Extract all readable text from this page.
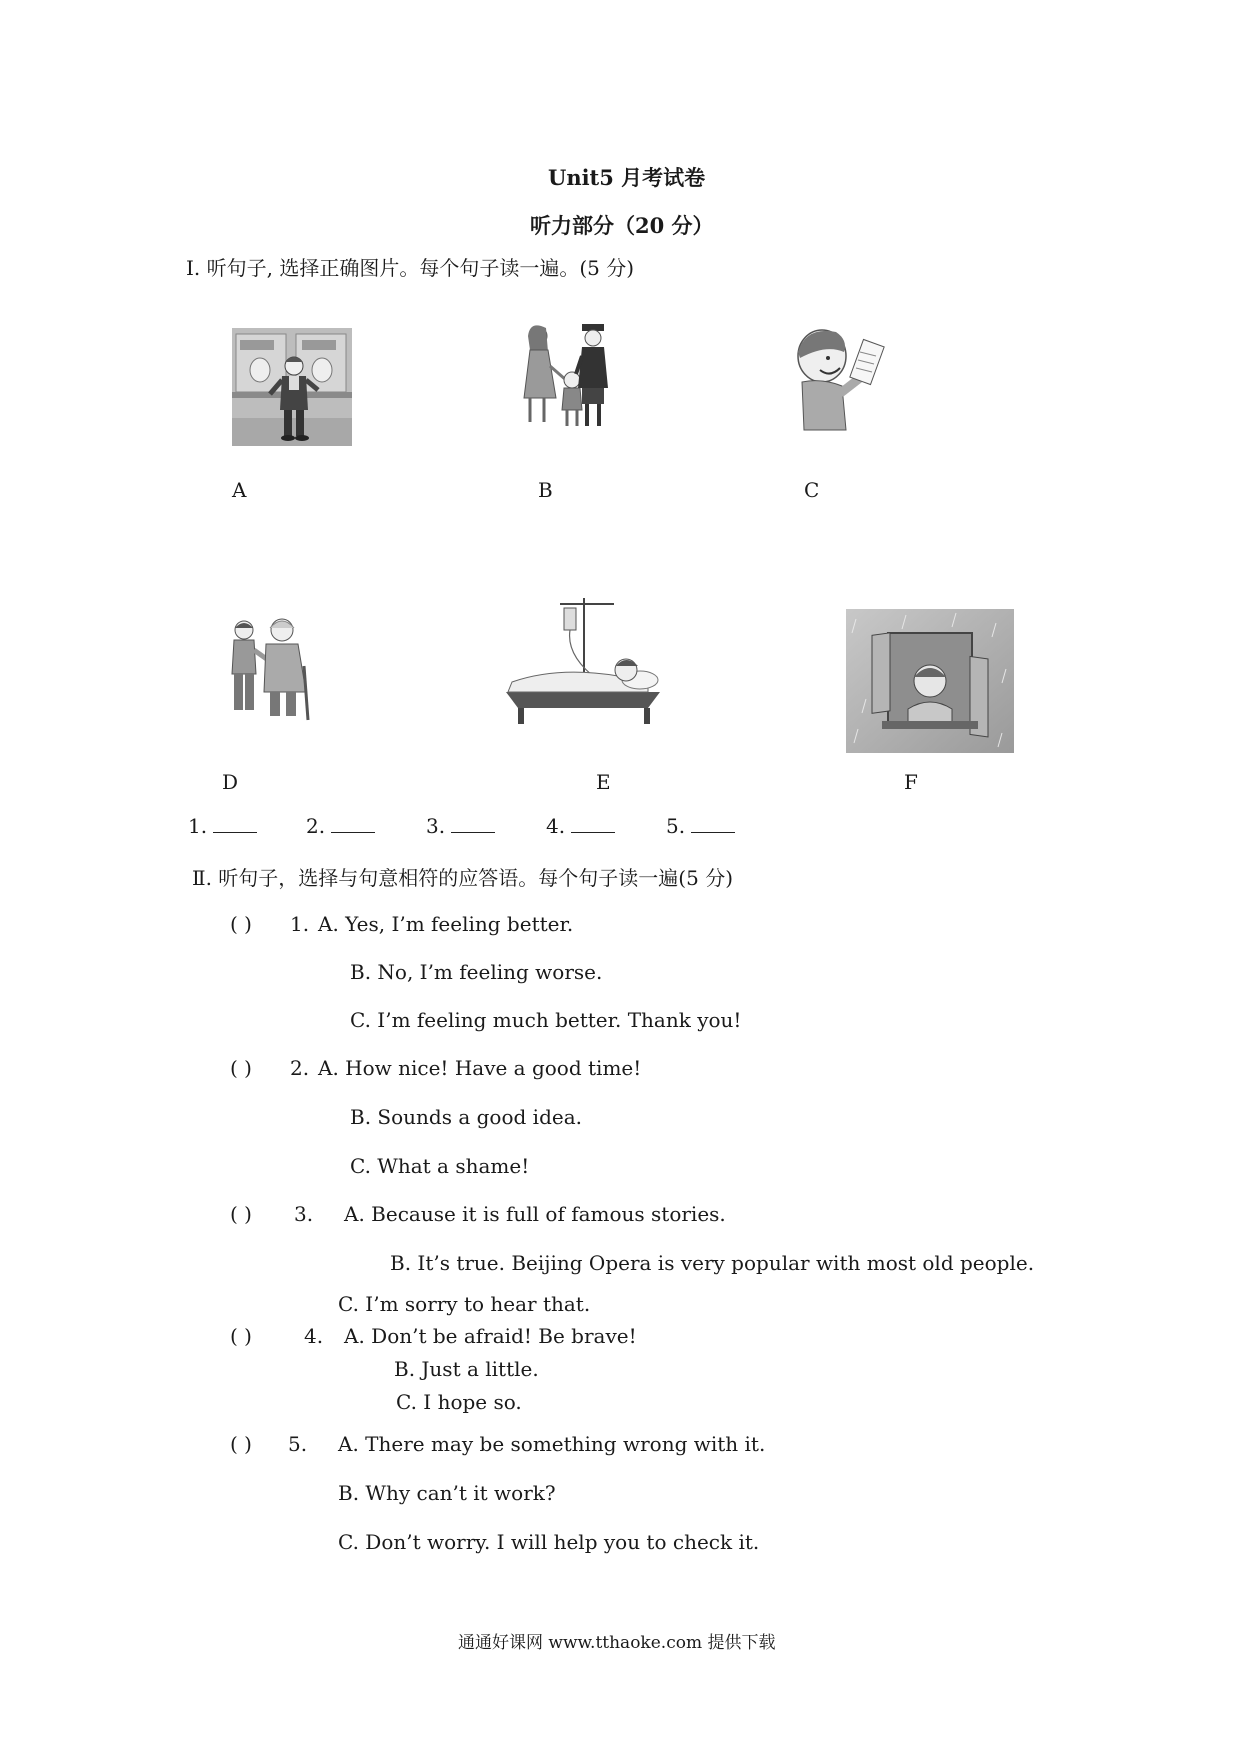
Unit5 月考试卷
听力部分（20 分）
Ⅰ. 听句子, 选择正确图片。每个句子读一遍。(5 分)
A	B	C
D	E	F
1.	2.	3.	4.	5.
Ⅱ. 听句子，选择与句意相符的应答语。每个句子读一遍(5 分)
( ) 1. A. Yes, I’m feeling better.
B. No, I’m feeling worse.
C. I’m feeling much better. Thank you!
( ) 2. A. How nice! Have a good time!
B. Sounds a good idea.
C. What a shame!
( ) 3. A. Because it is full of famous stories.
B. It’s true. Beijing Opera is very popular with most old people.
C. I’m sorry to hear that.
( )	4. A. Don’t be afraid! Be brave!
B. Just a little.
C. I hope so.
( ) 5. A. There may be something wrong with it.
B. Why can’t it work?
C. Don’t worry. I will help you to check it.
通通好课网 www.tthaoke.com 提供下载
